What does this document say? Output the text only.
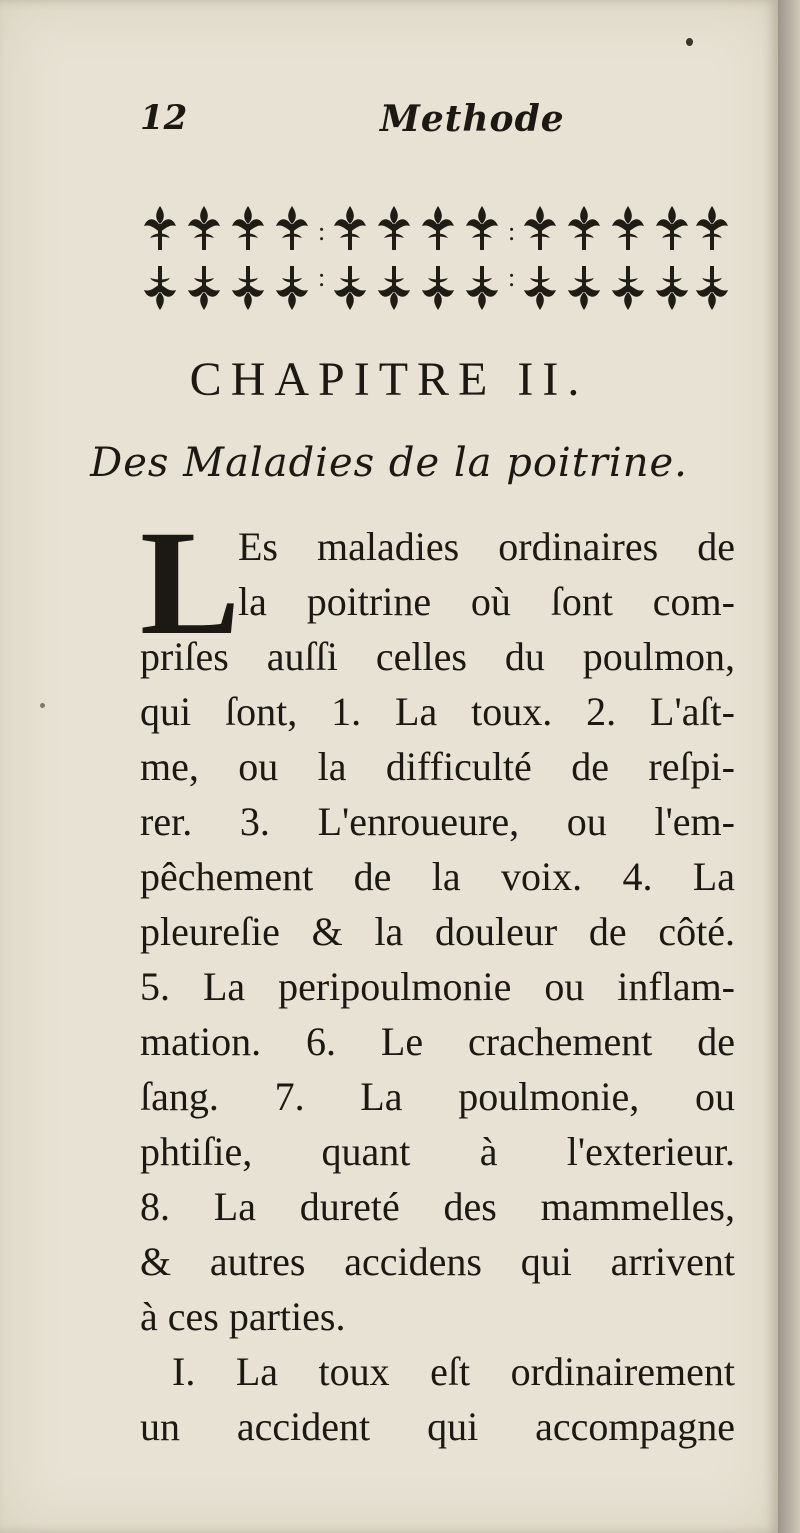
12	Methode
:	:
:	:
CHAPITRE II.
Des Maladies de la poitrine.
L
Es maladies ordinaires de
la poitrine où ſont com-
priſes auſſi celles du poulmon,
qui ſont, 1. La toux. 2. L'aſt-
me, ou la difficulté de reſpi-
rer. 3. L'enroueure, ou l'em-
pêchement de la voix. 4. La
pleureſie & la douleur de côté.
5. La peripoulmonie ou inflam-
mation. 6. Le crachement de
ſang. 7. La poulmonie, ou
phtiſie, quant à l'exterieur.
8. La dureté des mammelles,
& autres accidens qui arrivent
à ces parties.
I. La toux eſt ordinairement
un accident qui accompagne
